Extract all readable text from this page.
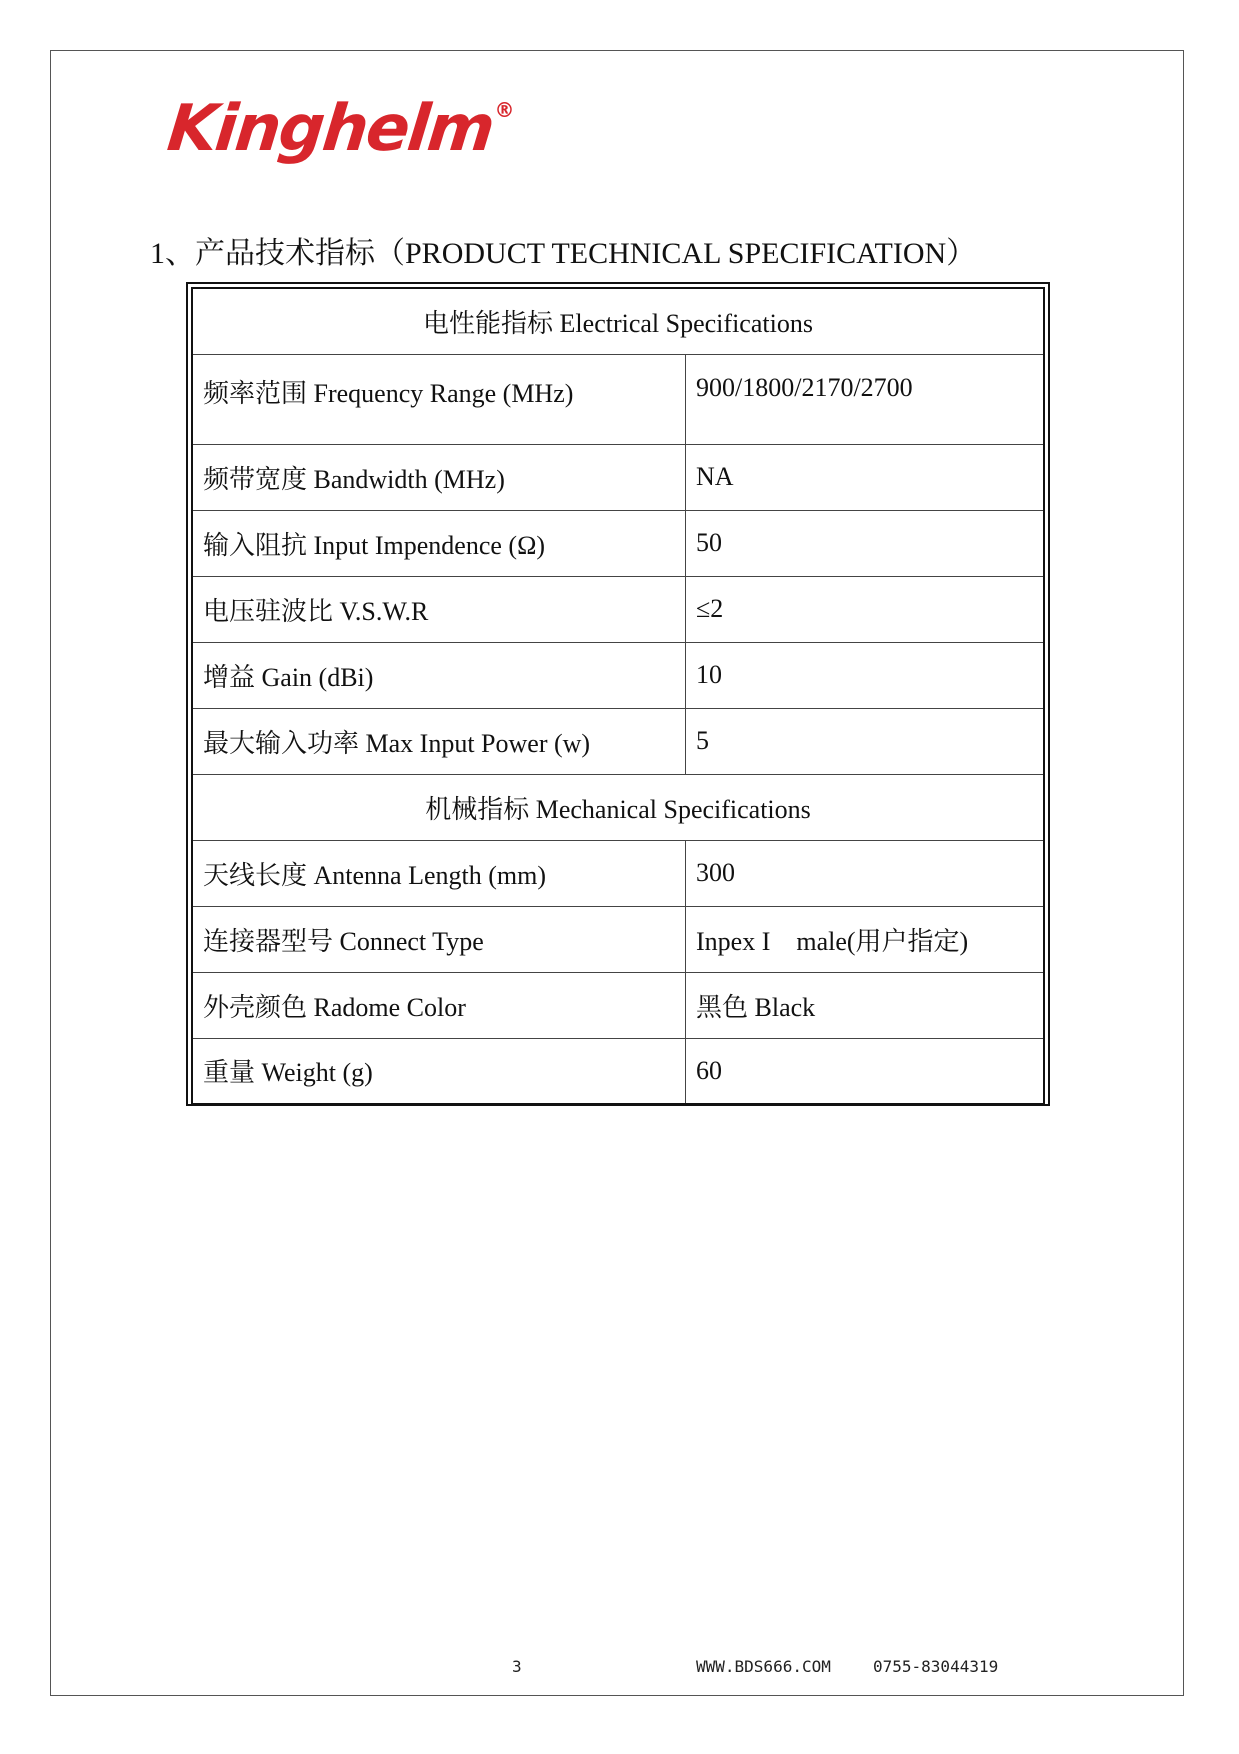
Kinghelm
®
1、产品技术指标（PRODUCT TECHNICAL SPECIFICATION）
电性能指标 Electrical Specifications	
频率范围 Frequency Range (MHz)	900/1800/2170/2700
频带宽度 Bandwidth (MHz)	NA
输入阻抗 Input Impendence (Ω)	50
电压驻波比 V.S.W.R	≤2
增益 Gain (dBi)	10
最大输入功率 Max Input Power (w)	5
机械指标 Mechanical Specifications	
天线长度 Antenna Length (mm)	300
连接器型号 Connect Type	Inpex I    male(用户指定)
外壳颜色 Radome Color	黑色 Black
重量 Weight (g)	60
3	WWW.BDS666.COM	0755-83044319
